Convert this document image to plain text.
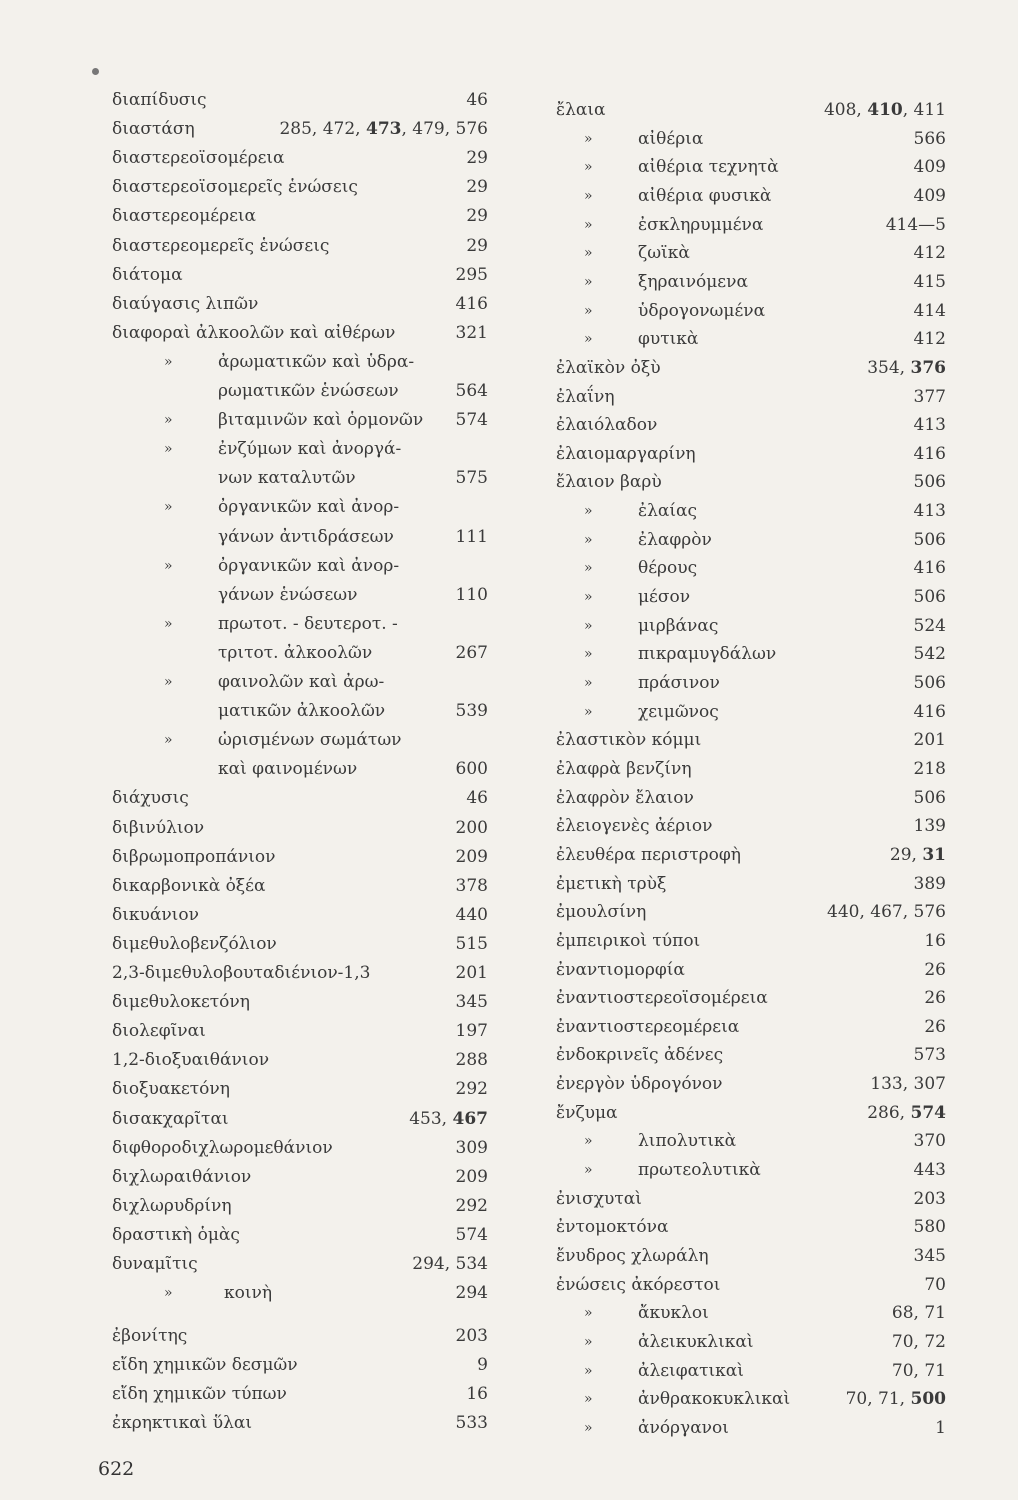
διαπίδυσις	46
διαστάση	285, 472, 473, 479, 576
διαστερεοϊσομέρεια	29
διαστερεοϊσομερεῖς ἑνώσεις	29
διαστερεομέρεια	29
διαστερεομερεῖς ἑνώσεις	29
διάτομα	295
διαύγασις λιπῶν	416
διαφοραὶ ἀλκοολῶν καὶ αἰθέρων	321
»	ἀρωματικῶν καὶ ὑδρα-
ρωματικῶν ἑνώσεων	564
»	βιταμινῶν καὶ ὁρμονῶν 574
»	ἐνζύμων καὶ ἀνοργά-
νων καταλυτῶν	575
»	ὀργανικῶν καὶ ἀνορ-
γάνων ἀντιδράσεων	111
»	ὀργανικῶν καὶ ἀνορ-
γάνων ἑνώσεων	110
»	πρωτοτ. - δευτεροτ. -
τριτοτ. ἀλκοολῶν	267
»	φαινολῶν καὶ ἀρω-
ματικῶν ἀλκοολῶν	539
»	ὡρισμένων σωμάτων
καὶ φαινομένων	600
διάχυσις	46
διβινύλιον	200
διβρωμοπροπάνιον	209
δικαρβονικὰ ὀξέα	378
δικυάνιον	440
διμεθυλοβενζόλιον	515
2,3-διμεθυλοβουταδιένιον-1,3	201
διμεθυλοκετόνη	345
διολεφῖναι	197
1,2-διοξυαιθάνιον	288
διοξυακετόνη	292
δισακχαρῖται	453, 467
διφθοροδιχλωρομεθάνιον	309
διχλωραιθάνιον	209
διχλωρυδρίνη	292
δραστικὴ ὁμὰς	574
δυναμῖτις	294, 534
»	κοινὴ	294
ἐβονίτης	203
εἴδη χημικῶν δεσμῶν	9
εἴδη χημικῶν τύπων	16
ἐκρηκτικαὶ ὕλαι	533
ἔλαια	408, 410, 411
»	αἰθέρια	566
»	αἰθέρια τεχνητὰ	409
»	αἰθέρια φυσικὰ	409
»	ἐσκληρυμμένα	414—5
»	ζωϊκὰ	412
»	ξηραινόμενα	415
»	ὑδρογονωμένα	414
»	φυτικὰ	412
ἐλαϊκὸν ὀξὺ	354, 376
ἐλαΐνη	377
ἐλαιόλαδον	413
ἐλαιομαργαρίνη	416
ἔλαιον βαρὺ	506
»	ἐλαίας	413
»	ἐλαφρὸν	506
»	θέρους	416
»	μέσον	506
»	μιρβάνας	524
»	πικραμυγδάλων	542
»	πράσινον	506
»	χειμῶνος	416
ἐλαστικὸν κόμμι	201
ἐλαφρὰ βενζίνη	218
ἐλαφρὸν ἔλαιον	506
ἐλειογενὲς ἀέριον	139
ἐλευθέρα περιστροφὴ	29, 31
ἐμετικὴ τρὺξ	389
ἐμουλσίνη	440, 467, 576
ἐμπειρικοὶ τύποι	16
ἐναντιομορφία	26
ἐναντιοστερεοϊσομέρεια	26
ἐναντιοστερεομέρεια	26
ἐνδοκρινεῖς ἀδένες	573
ἐνεργὸν ὑδρογόνον	133, 307
ἔνζυμα	286, 574
»	λιπολυτικὰ	370
»	πρωτεολυτικὰ	443
ἐνισχυταὶ	203
ἐντομοκτόνα	580
ἔνυδρος χλωράλη	345
ἑνώσεις ἀκόρεστοι	70
»	ἄκυκλοι	68, 71
»	ἀλεικυκλικαὶ	70, 72
»	ἀλειφατικαὶ	70, 71
»	ἀνθρακοκυκλικαὶ	70, 71, 500
»	ἀνόργανοι	1
622
